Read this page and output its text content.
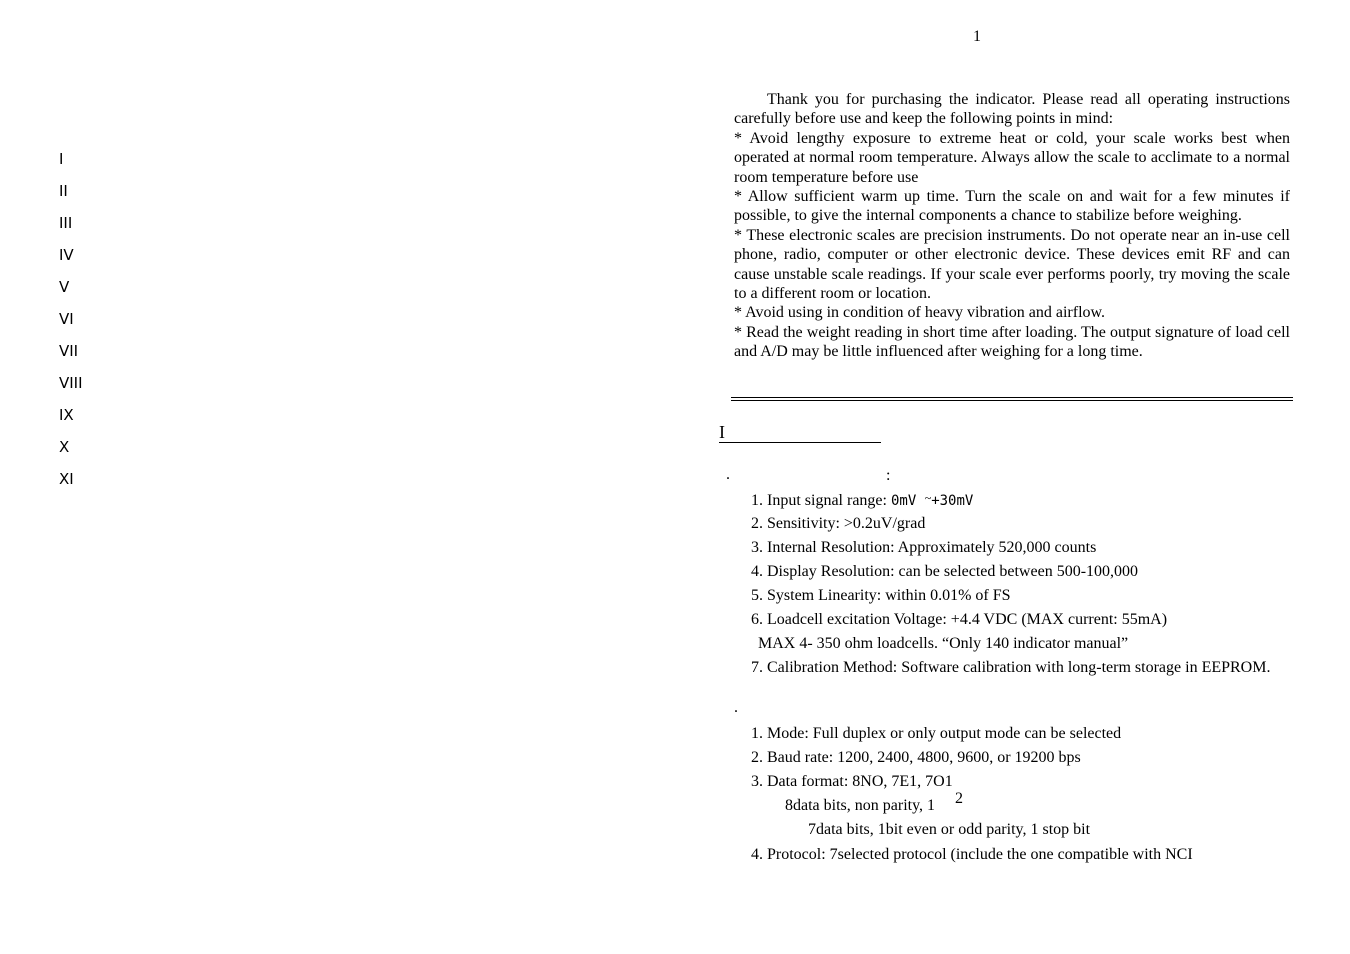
I
II
III
IV
V
VI
VII
VIII
IX
X
XI
1

Thank you for purchasing the indicator. Please read all operating instructions carefully before use and keep the following points in mind:

* Avoid lengthy exposure to extreme heat or cold, your scale works best when operated at normal room temperature. Always allow the scale to acclimate to a normal room temperature before use

* Allow sufficient warm up time. Turn the scale on and wait for a few minutes if possible, to give the internal components a chance to stabilize before weighing.

* These electronic scales are precision instruments. Do not operate near an in-use cell phone, radio, computer or other electronic device. These devices emit RF and can cause unstable scale readings. If your scale ever performs poorly, try moving the scale to a different room or location.

* Avoid using in condition of heavy vibration and airflow.

* Read the weight reading in short time after loading. The output signature of load cell and A/D may be little influenced after weighing for a long time.

I
.	:
1. Input signal range: 0mV ~+30mV
2. Sensitivity: >0.2uV/grad
3. Internal Resolution: Approximately 520,000 counts
4. Display Resolution: can be selected between 500-100,000
5. System Linearity: within 0.01% of FS
6. Loadcell excitation Voltage: +4.4 VDC (MAX current: 55mA)
MAX 4- 350 ohm loadcells. “Only 140 indicator manual”
7. Calibration Method: Software calibration with long-term storage in EEPROM.
.
1. Mode: Full duplex or only output mode can be selected
2. Baud rate: 1200, 2400, 4800, 9600, or 19200 bps
3. Data format: 8NO, 7E1, 7O1
8data bits, non parity, 1
7data bits, 1bit even or odd parity, 1 stop bit
4. Protocol: 7selected protocol (include the one compatible with NCI
2
